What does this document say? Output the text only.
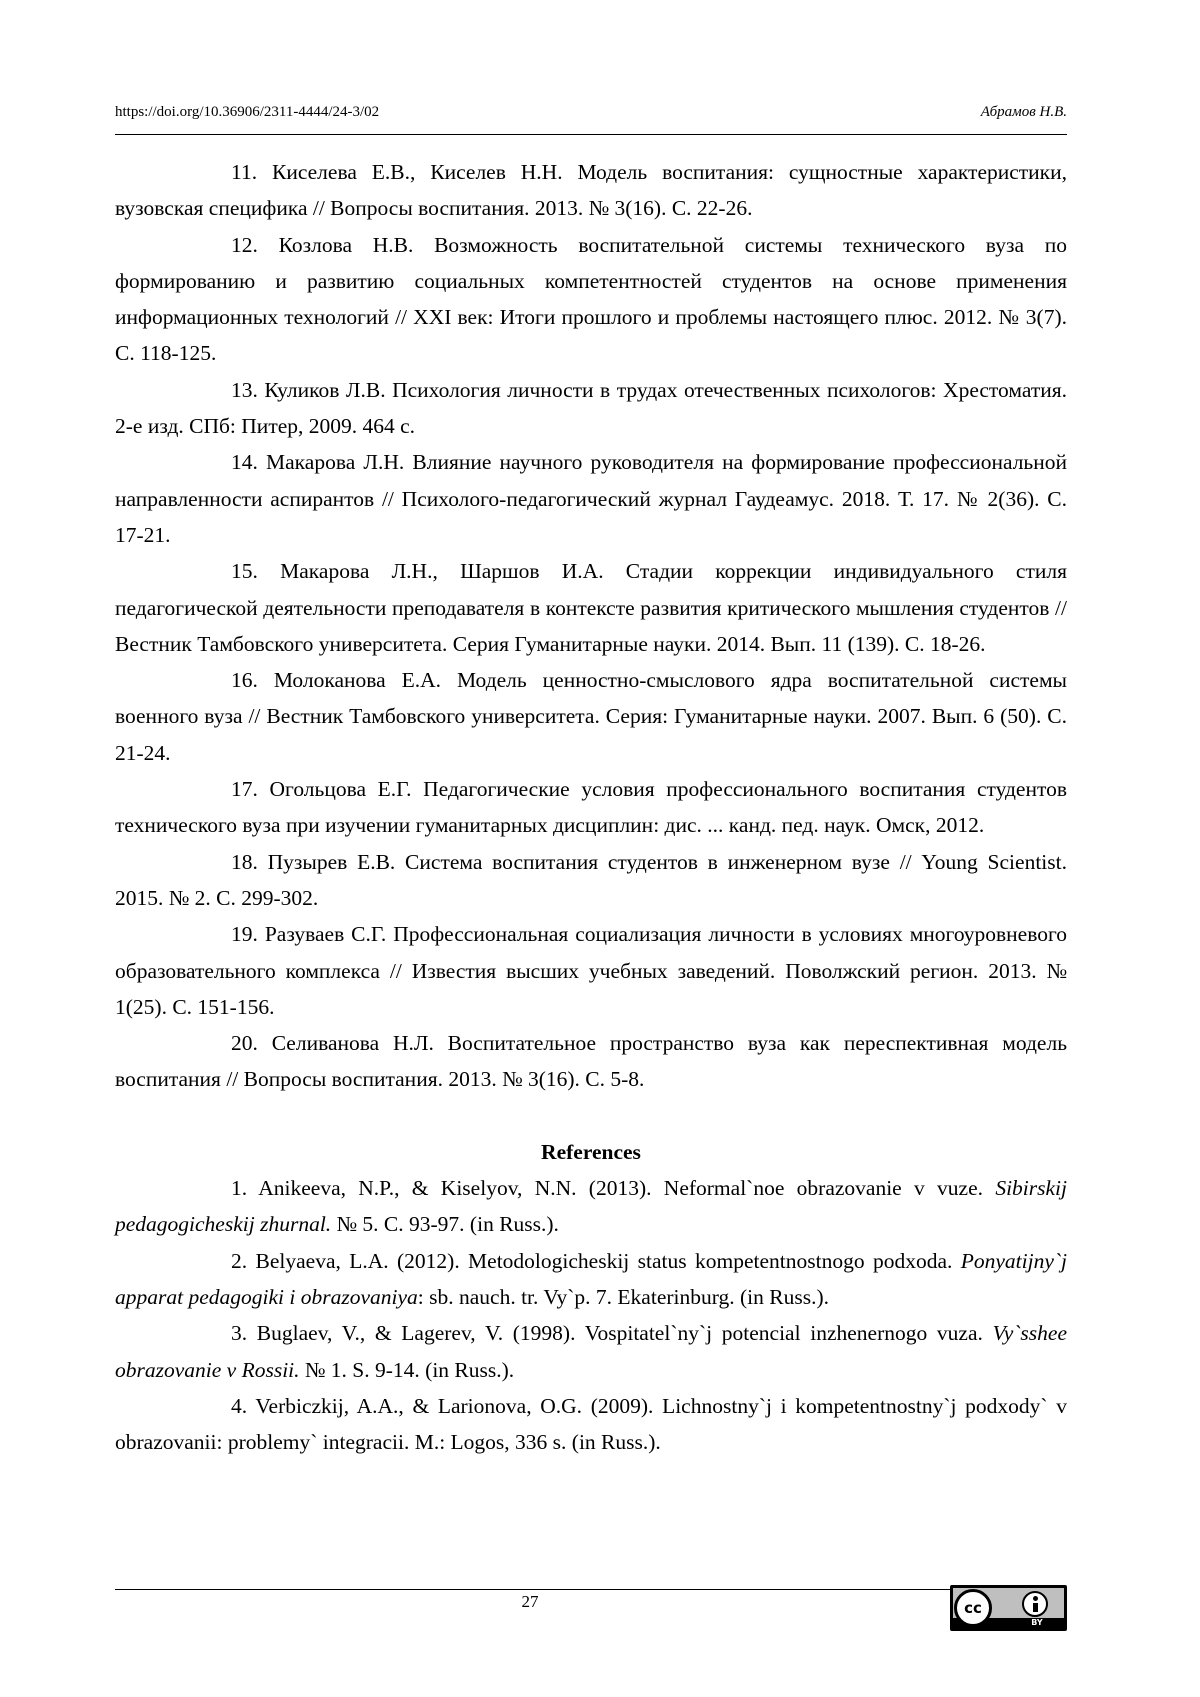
https://doi.org/10.36906/2311-4444/24-3/02	Абрамов Н.В.

11. Киселева Е.В., Киселев Н.Н. Модель воспитания: сущностные характеристики, вузовская специфика // Вопросы воспитания. 2013. № 3(16). С. 22-26.

12. Козлова Н.В. Возможность воспитательной системы технического вуза по формированию и развитию социальных компетентностей студентов на основе применения информационных технологий // XXI век: Итоги прошлого и проблемы настоящего плюс. 2012. № 3(7). С. 118-125.

13. Куликов Л.В. Психология личности в трудах отечественных психологов: Хрестоматия. 2-е изд. СПб: Питер, 2009. 464 с.

14. Макарова Л.Н. Влияние научного руководителя на формирование профессиональной направленности аспирантов // Психолого-педагогический журнал Гаудеамус. 2018. Т. 17. № 2(36). С. 17-21.

15. Макарова Л.Н., Шаршов И.А. Стадии коррекции индивидуального стиля педагогической деятельности преподавателя в контексте развития критического мышления студентов // Вестник Тамбовского университета. Серия Гуманитарные науки. 2014. Вып. 11 (139). С. 18-26.

16. Молоканова Е.А. Модель ценностно-смыслового ядра воспитательной системы военного вуза // Вестник Тамбовского университета. Серия: Гуманитарные науки. 2007. Вып. 6 (50). С. 21-24.

17. Огольцова Е.Г. Педагогические условия профессионального воспитания студентов технического вуза при изучении гуманитарных дисциплин: дис. ... канд. пед. наук. Омск, 2012.

18. Пузырев Е.В. Система воспитания студентов в инженерном вузе // Young Scientist. 2015. № 2. С. 299-302.

19. Разуваев С.Г. Профессиональная социализация личности в условиях многоуровневого образовательного комплекса // Известия высших учебных заведений. Поволжский регион. 2013. № 1(25). С. 151-156.

20. Селиванова Н.Л. Воспитательное пространство вуза как переспективная модель воспитания // Вопросы воспитания. 2013. № 3(16). С. 5-8.

References

1. Anikeeva, N.P., & Kiselyov, N.N. (2013). Neformal`noe obrazovanie v vuze. Sibirskij pedagogicheskij zhurnal. № 5. С. 93-97. (in Russ.).

2. Belyaeva, L.A. (2012). Metodologicheskij status kompetentnostnogo podxoda. Ponyatijny`j apparat pedagogiki i obrazovaniya: sb. nauch. tr. Vy`p. 7. Ekaterinburg. (in Russ.).

3. Buglaev, V., & Lagerev, V. (1998). Vospitatel`ny`j potencial inzhenernogo vuza. Vy`sshee obrazovanie v Rossii. № 1. S. 9-14. (in Russ.).

4. Verbiczkij, A.A., & Larionova, O.G. (2009). Lichnostny`j i kompetentnostny`j podxody` v obrazovanii: problemy` integracii. M.: Logos, 336 s. (in Russ.).

27	cc
BY
